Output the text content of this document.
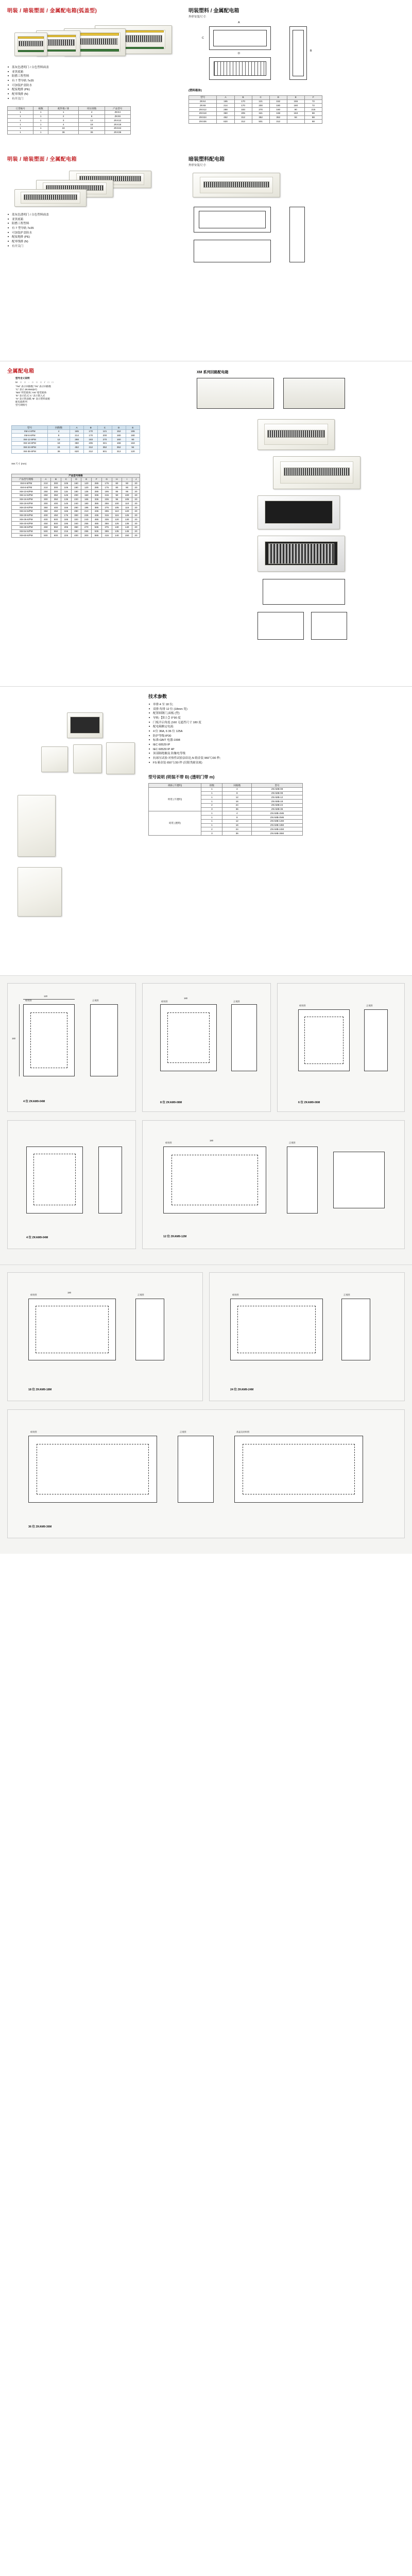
明装 / 暗装塑面 / 金属配电箱(弧盖型)
■ 蓝灰色透明门 / 白色塑料面盖
■ 亚黑底箱
■ 阻燃工程塑料
■ 有 7 型导轨 7e35
■ 可加装护盖防水
■ 配接地排 (PE)
■ 配零线排 (N)
■ 有开关门
订货编号	极数	配件数 / 排	用位排数	产品型号
1	1	1	4	ZKX4
1	1	2	8	ZKX8
1	1	3	12	ZKX12
1	1	4	18	ZKX18
1	1	24	24	ZKX24
1	1	36	36	ZKX36
明装塑料 / 金属配电箱
外形安装尺寸:
A
C
D
B
(塑料箱体)
型号	A	B	C	D	E	F
ZKX4	165	170	121	152	155	72
ZKX8	214	170	200	180	180	72
ZKX12	288	183	270	160	90	215
ZKX18	360	205	341	168	163	88
ZKX24	452	312	352	352	94	88
ZKX36	620	312	501	312		88
明装 / 暗装塑面 / 全属配电箱
■ 蓝灰色透明门 / 白色塑料面盖
■ 亚黑底箱
■ 阻燃工程塑料
■ 有 7 型导轨 7e35
■ 可加装护盖防水
■ 配接地排 (PE)
■ 配零线排 (N)
■ 有开关门
暗装塑料配电箱
外形安装尺寸:
全属配电箱
型号含义说明
M □ □ - □ □ □ / □ □
"TM" 表示回路数;"TN" 表示回路数
"C" 表示 ZKXM4(67)
"MS" 明装箱体,"AN" 暗装箱体
"E" 表示挂式,"L" 表示嵌入式
"S" 表示铁面板,"B" 表示塑料面板
配电箱系列
型号规格号
型号	回路数	A	B	C	D	E
XM-4-6PM	4	165	170	121	152	155
XM-8-6PM	8	214	170	200	180	180
XM-12-6PM	12	288	183	270	160	90
XM-18-6PM	18	360	205	341	168	163
XM-24-6PM	24	452	312	352	352	94
XM-36-6PM	36	620	312	501	312	120
XM 尺寸 (mm)
产品型号规格
产品型号规格	A	B	C	D	E	F	G	H	I	J
XM-6-6/PM	210	300	105	160	120	285	175	80	90	20
XM-8-6/PM	210	300	105	160	120	285	175	80	90	20
XM-10-6/PM	250	300	115	180	135	285	195	85	95	20
XM-12-6/PM	250	350	125	200	150	335	215	90	100	20
XM-16-6/PM	300	350	135	220	165	335	235	95	105	20
XM-18-6/PM	300	400	145	240	180	385	255	100	110	20
XM-20-6/PM	350	400	155	260	195	385	275	105	115	20
XM-24-6/PM	350	450	165	280	210	435	295	110	120	20
XM-30-6/PM	400	450	175	300	225	435	315	115	125	20
XM-36-6/PM	400	500	185	320	240	485	335	120	130	20
XM-40-6/PM	450	500	195	340	255	485	355	125	135	20
XM-48-6/PM	450	550	205	360	270	535	375	130	140	20
XM-54-6/PM	500	550	215	380	285	535	395	135	145	20
XM-60-6/PM	500	600	225	400	300	585	415	140	150	20
XM 系列回路配电箱
技术参数
■ 单排:4 至 18 位;
■ 双排:每排 12 位 (18mm 宽)
■ 配置细钢门,面板 (型)
■ 导轨:【阳上】0°90 度
■ 门板开启角度 (160 无遮挡尺寸 180 度
■ 配电箱额定电流:
■ 4 位 36A, 6 36 位 125A
■ 防护等级:IP30
■ 标准:GB/T 电器-1998
■ IEC 60529 IP
■ IEC 60529 IP 4P
■ 顶部隔绝触及 防触电等级
■ 抗球压试验:对热性试验法结论,N 箱金装 960℃/30 秒;
■ FS:箱金装 650℃/30 秒 (仅限类耐金属)
型号说明 (明装不带 B) (透明门带 m)
规格 (不透明)	排数	回路数	型号
明装 (不透明)	1	4	ZKAMB-08
	1	8	ZKAMB-08
	1	12	ZKAMB-12
	1	16	ZKAMB-18
	2	24	ZKAMB-24
	3	36	ZKAMB-36
暗装 (透明)	1	4	ZKAMB-4M6
	1	8	ZKAMB-0M6
	1	12	ZKAMB-12M
	1	16	ZKAMB-18M
	2	24	ZKAMB-24M
	3	36	ZKAMB-36M
120
160
暗装图	正视图
4 位 ZKAM9-04M
180
暗装图	正视图
8 位 ZKAM9-08M
暗装图	正视图
6 位 ZKAM9-06M
180
暗装图	正视图
12 位 ZKAM9-12M
4 位 ZKAM9-04M
180
暗装图	正视图
18 位 ZKAM9-18M
暗装图	正视图
24 位 ZKAM9-24M
暗装图	正视图	落盖及结构图
36 位 ZKAM9-36M
